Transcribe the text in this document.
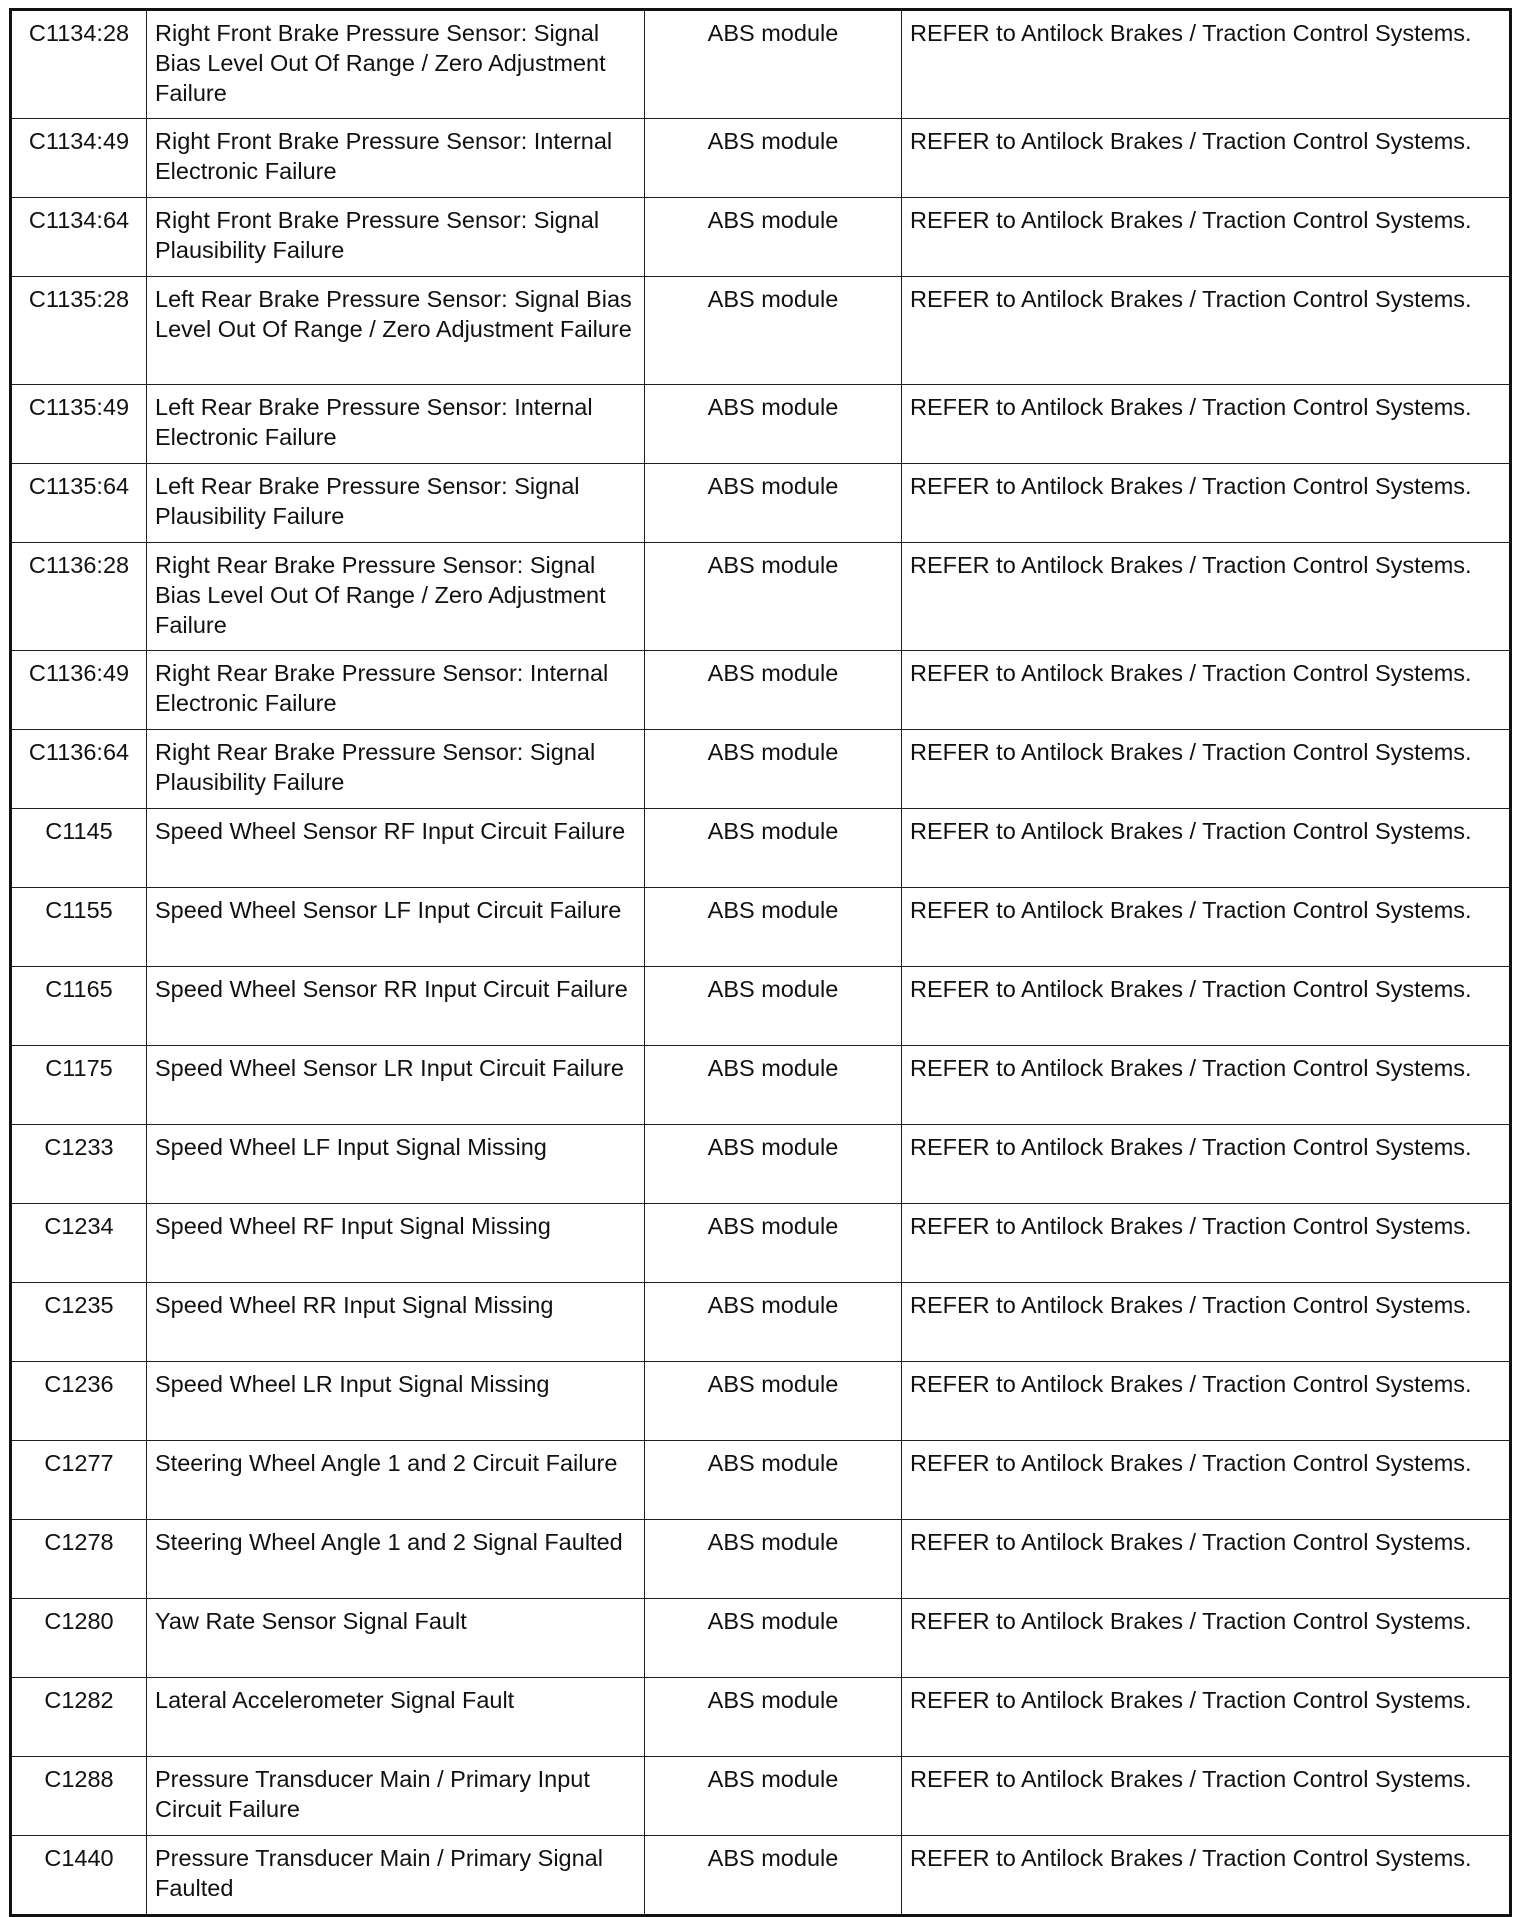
C1134:28	Right Front Brake Pressure Sensor: Signal Bias Level Out Of Range / Zero Adjustment Failure	ABS module	REFER to Antilock Brakes / Traction Control Systems.
C1134:49	Right Front Brake Pressure Sensor: Internal Electronic Failure	ABS module	REFER to Antilock Brakes / Traction Control Systems.
C1134:64	Right Front Brake Pressure Sensor: Signal Plausibility Failure	ABS module	REFER to Antilock Brakes / Traction Control Systems.
C1135:28	Left Rear Brake Pressure Sensor: Signal Bias Level Out Of Range / Zero Adjustment Failure	ABS module	REFER to Antilock Brakes / Traction Control Systems.
C1135:49	Left Rear Brake Pressure Sensor: Internal Electronic Failure	ABS module	REFER to Antilock Brakes / Traction Control Systems.
C1135:64	Left Rear Brake Pressure Sensor: Signal Plausibility Failure	ABS module	REFER to Antilock Brakes / Traction Control Systems.
C1136:28	Right Rear Brake Pressure Sensor: Signal Bias Level Out Of Range / Zero Adjustment Failure	ABS module	REFER to Antilock Brakes / Traction Control Systems.
C1136:49	Right Rear Brake Pressure Sensor: Internal Electronic Failure	ABS module	REFER to Antilock Brakes / Traction Control Systems.
C1136:64	Right Rear Brake Pressure Sensor: Signal Plausibility Failure	ABS module	REFER to Antilock Brakes / Traction Control Systems.
C1145	Speed Wheel Sensor RF Input Circuit Failure	ABS module	REFER to Antilock Brakes / Traction Control Systems.
C1155	Speed Wheel Sensor LF Input Circuit Failure	ABS module	REFER to Antilock Brakes / Traction Control Systems.
C1165	Speed Wheel Sensor RR Input Circuit Failure	ABS module	REFER to Antilock Brakes / Traction Control Systems.
C1175	Speed Wheel Sensor LR Input Circuit Failure	ABS module	REFER to Antilock Brakes / Traction Control Systems.
C1233	Speed Wheel LF Input Signal Missing	ABS module	REFER to Antilock Brakes / Traction Control Systems.
C1234	Speed Wheel RF Input Signal Missing	ABS module	REFER to Antilock Brakes / Traction Control Systems.
C1235	Speed Wheel RR Input Signal Missing	ABS module	REFER to Antilock Brakes / Traction Control Systems.
C1236	Speed Wheel LR Input Signal Missing	ABS module	REFER to Antilock Brakes / Traction Control Systems.
C1277	Steering Wheel Angle 1 and 2 Circuit Failure	ABS module	REFER to Antilock Brakes / Traction Control Systems.
C1278	Steering Wheel Angle 1 and 2 Signal Faulted	ABS module	REFER to Antilock Brakes / Traction Control Systems.
C1280	Yaw Rate Sensor Signal Fault	ABS module	REFER to Antilock Brakes / Traction Control Systems.
C1282	Lateral Accelerometer Signal Fault	ABS module	REFER to Antilock Brakes / Traction Control Systems.
C1288	Pressure Transducer Main / Primary Input Circuit Failure	ABS module	REFER to Antilock Brakes / Traction Control Systems.
C1440	Pressure Transducer Main / Primary Signal Faulted	ABS module	REFER to Antilock Brakes / Traction Control Systems.
